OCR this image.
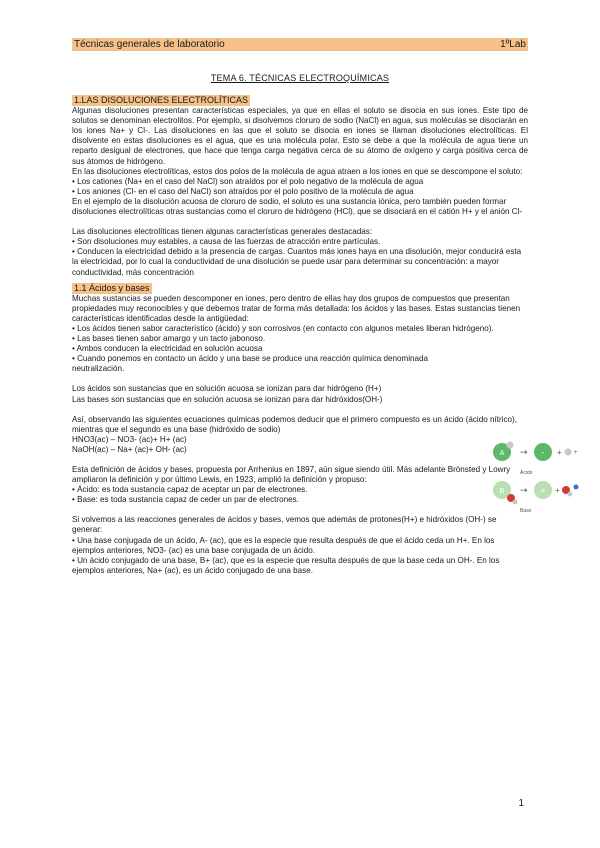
Técnicas generales de laboratorio	1ºLab
TEMA 6. TÉCNICAS ELECTROQUÍMICAS
1.LAS DISOLUCIONES ELECTROLÍTICAS

Algunas disoluciones presentan características especiales, ya que en ellas el soluto se disocia en sus iones. Este tipo de solutos se denominan electrolitos. Por ejemplo, si disolvemos cloruro de sodio (NaCl) en agua, sus moléculas se disociarán en los iones Na+ y Cl-. Las disoluciones en las que el soluto se disocia en iones se llaman disoluciones electrolíticas. El disolvente en estas disoluciones es el agua, que es una molécula polar. Esto se debe a que la molécula de agua tiene un reparto desigual de electrones, que hace que tenga carga negativa cerca de su átomo de oxígeno y carga positiva cerca de sus átomos de hidrógeno.

En las disoluciones electrolíticas, estos dos polos de la molécula de agua atraen a los iones en que se descompone el soluto:

• Los cationes (Na+ en el caso del NaCl) son atraídos por el polo negativo de la molécula de agua

• Los aniones (Cl- en el caso del NaCl) son atraídos por el polo positivo de la molécula de agua

En el ejemplo de la disolución acuosa de cloruro de sodio, el soluto es una sustancia iónica, pero también pueden formar disoluciones electrolíticas otras sustancias como el cloruro de hidrógeno (HCl), que se disociará en el catión H+ y el anión Cl-

Las disoluciones electrolíticas tienen algunas características generales destacadas:

• Son disoluciones muy estables, a causa de las fuerzas de atracción entre partículas.

• Conducen la electricidad debido a la presencia de cargas. Cuantos más iones haya en una disolución, mejor conducirá esta la electricidad, por lo cual la conductividad de una disolución se puede usar para determinar su concentración: a mayor conductividad, más concentración

1.1 Ácidos y bases

Muchas sustancias se pueden descomponer en iones, pero dentro de ellas hay dos grupos de compuestos que presentan propiedades muy reconocibles y que debemos tratar de forma más detallada: los ácidos y las bases. Estas sustancias tienen características identificadas desde la antigüedad:

• Los ácidos tienen sabor característico (ácido) y son corrosivos (en contacto con algunos metales liberan hidrógeno).

• Las bases tienen sabor amargo y un tacto jabonoso.

• Ambos conducen la electricidad en solución acuosa

• Cuando ponemos en contacto un ácido y una base se produce una reacción química denominada

neutralización.

Los ácidos son sustancias que en solución acuosa se ionizan para dar hidrógeno (H+)

Las bases son sustancias que en solución acuosa se ionizan para dar hidróxidos(OH-)

Así, observando las siguientes ecuaciones químicas podemos deducir que el primero compuesto es un ácido (ácido nítrico), mientras que el segundo es una base (hidróxido de sodio)

HNO3(ac) – NO3- (ac)+ H+ (ac)

NaOH(ac) – Na+ (ac)+ OH- (ac)

Esta definición de ácidos y bases, propuesta por Arrhenius en 1897, aún sigue siendo útil. Más adelante Brönsted y Lowry ampliaron la definición y por último Lewis, en 1923, amplió la definición y propuso:

• Ácido: es toda sustancia capaz de aceptar un par de electrones.

• Base: es toda sustancia capaz de ceder un par de electrones.

Si volvemos a las reacciones generales de ácidos y bases, vemos que además de protones(H+) e hidróxidos (OH-) se generar:

• Una base conjugada de un ácido, A- (ac), que es la especie que resulta después de que el ácido ceda un H+. En los ejemplos anteriores, NO3- (ac) es una base conjugada de un ácido.

• Un ácido conjugado de una base, B+ (ac), que es la especie que resulta después de que la base ceda un OH-. En los ejemplos anteriores, Na+ (ac), es un ácido conjugado de una base.

A → - + +
Ácido
B → + +
Base
1
